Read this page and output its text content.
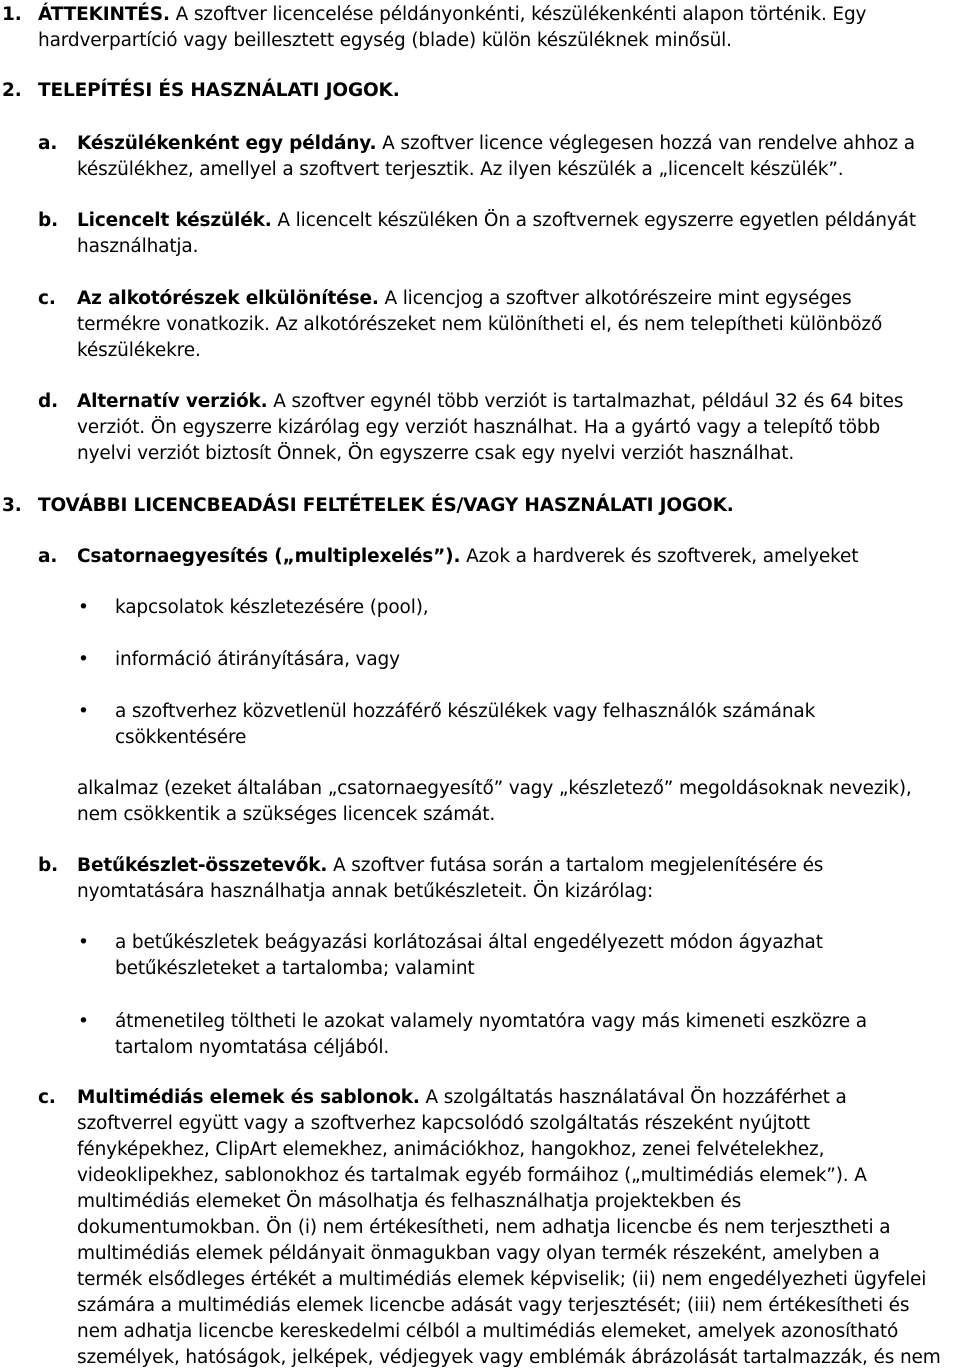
1. ÁTTEKINTÉS. A szoftver licencelése példányonkénti, készülékenkénti alapon történik. Egy
hardverpartíció vagy beillesztett egység (blade) külön készüléknek minősül.
2. TELEPÍTÉSI ÉS HASZNÁLATI JOGOK.
a. Készülékenként egy példány. A szoftver licence véglegesen hozzá van rendelve ahhoz a
készülékhez, amellyel a szoftvert terjesztik. Az ilyen készülék a „licencelt készülék”.
b. Licencelt készülék. A licencelt készüléken Ön a szoftvernek egyszerre egyetlen példányát
használhatja.
c. Az alkotórészek elkülönítése. A licencjog a szoftver alkotórészeire mint egységes
termékre vonatkozik. Az alkotórészeket nem különítheti el, és nem telepítheti különböző
készülékekre.
d. Alternatív verziók. A szoftver egynél több verziót is tartalmazhat, például 32 és 64 bites
verziót. Ön egyszerre kizárólag egy verziót használhat. Ha a gyártó vagy a telepítő több
nyelvi verziót biztosít Önnek, Ön egyszerre csak egy nyelvi verziót használhat.
3. TOVÁBBI LICENCBEADÁSI FELTÉTELEK ÉS/VAGY HASZNÁLATI JOGOK.
a. Csatornaegyesítés („multiplexelés”). Azok a hardverek és szoftverek, amelyeket
• kapcsolatok készletezésére (pool),
• információ átirányítására, vagy
• a szoftverhez közvetlenül hozzáférő készülékek vagy felhasználók számának
csökkentésére
alkalmaz (ezeket általában „csatornaegyesítő” vagy „készletező” megoldásoknak nevezik),
nem csökkentik a szükséges licencek számát.
b. Betűkészlet-összetevők. A szoftver futása során a tartalom megjelenítésére és
nyomtatására használhatja annak betűkészleteit. Ön kizárólag:
• a betűkészletek beágyazási korlátozásai által engedélyezett módon ágyazhat
betűkészleteket a tartalomba; valamint
• átmenetileg töltheti le azokat valamely nyomtatóra vagy más kimeneti eszközre a
tartalom nyomtatása céljából.
c. Multimédiás elemek és sablonok. A szolgáltatás használatával Ön hozzáférhet a
szoftverrel együtt vagy a szoftverhez kapcsolódó szolgáltatás részeként nyújtott
fényképekhez, ClipArt elemekhez, animációkhoz, hangokhoz, zenei felvételekhez,
videoklipekhez, sablonokhoz és tartalmak egyéb formáihoz („multimédiás elemek”). A
multimédiás elemeket Ön másolhatja és felhasználhatja projektekben és
dokumentumokban. Ön (i) nem értékesítheti, nem adhatja licencbe és nem terjesztheti a
multimédiás elemek példányait önmagukban vagy olyan termék részeként, amelyben a
termék elsődleges értékét a multimédiás elemek képviselik; (ii) nem engedélyezheti ügyfelei
számára a multimédiás elemek licencbe adását vagy terjesztését; (iii) nem értékesítheti és
nem adhatja licencbe kereskedelmi célból a multimédiás elemeket, amelyek azonosítható
személyek, hatóságok, jelképek, védjegyek vagy emblémák ábrázolását tartalmazzák, és nem
